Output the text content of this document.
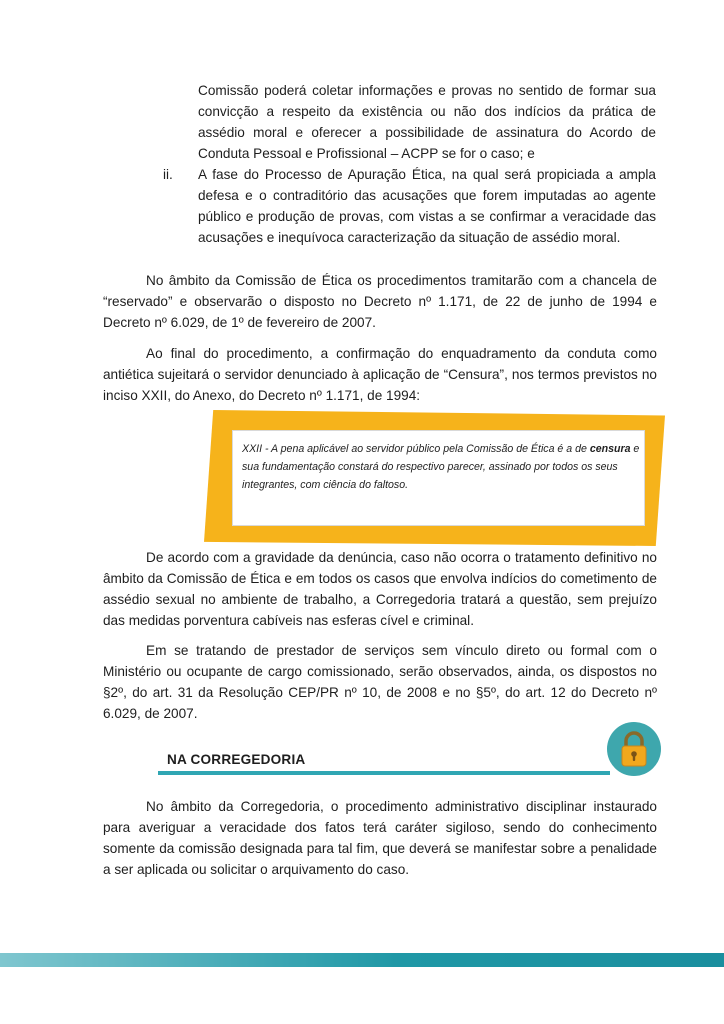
Comissão poderá coletar informações e provas no sentido de formar sua convicção a respeito da existência ou não dos indícios da prática de assédio moral e oferecer a possibilidade de assinatura do Acordo de Conduta Pessoal e Profissional – ACPP se for o caso; e
ii.	A fase do Processo de Apuração Ética, na qual será propiciada a ampla defesa e o contraditório das acusações que forem imputadas ao agente público e produção de provas, com vistas a se confirmar a veracidade das acusações e inequívoca caracterização da situação de assédio moral.
No âmbito da Comissão de Ética os procedimentos tramitarão com a chancela de “reservado” e observarão o disposto no Decreto nº 1.171, de 22 de junho de 1994 e Decreto nº 6.029, de 1º de fevereiro de 2007.
Ao final do procedimento, a confirmação do enquadramento da conduta como antiética sujeitará o servidor denunciado à aplicação de “Censura”, nos termos previstos no inciso XXII, do Anexo, do Decreto nº 1.171, de 1994:
XXII - A pena aplicável ao servidor público pela Comissão de Ética é a de censura e sua fundamentação constará do respectivo parecer, assinado por todos os seus integrantes, com ciência do faltoso.
De acordo com a gravidade da denúncia, caso não ocorra o tratamento definitivo no âmbito da Comissão de Ética e em todos os casos que envolva indícios do cometimento de assédio sexual no ambiente de trabalho, a Corregedoria tratará a questão, sem prejuízo das medidas porventura cabíveis nas esferas cível e criminal.
Em se tratando de prestador de serviços sem vínculo direto ou formal com o Ministério ou ocupante de cargo comissionado, serão observados, ainda, os dispostos no §2º, do art. 31 da Resolução CEP/PR nº 10, de 2008 e no §5º, do art. 12 do Decreto nº 6.029, de 2007.
NA CORREGEDORIA
No âmbito da Corregedoria, o procedimento administrativo disciplinar instaurado para averiguar a veracidade dos fatos terá caráter sigiloso, sendo do conhecimento somente da comissão designada para tal fim, que deverá se manifestar sobre a penalidade a ser aplicada ou solicitar o arquivamento do caso.
